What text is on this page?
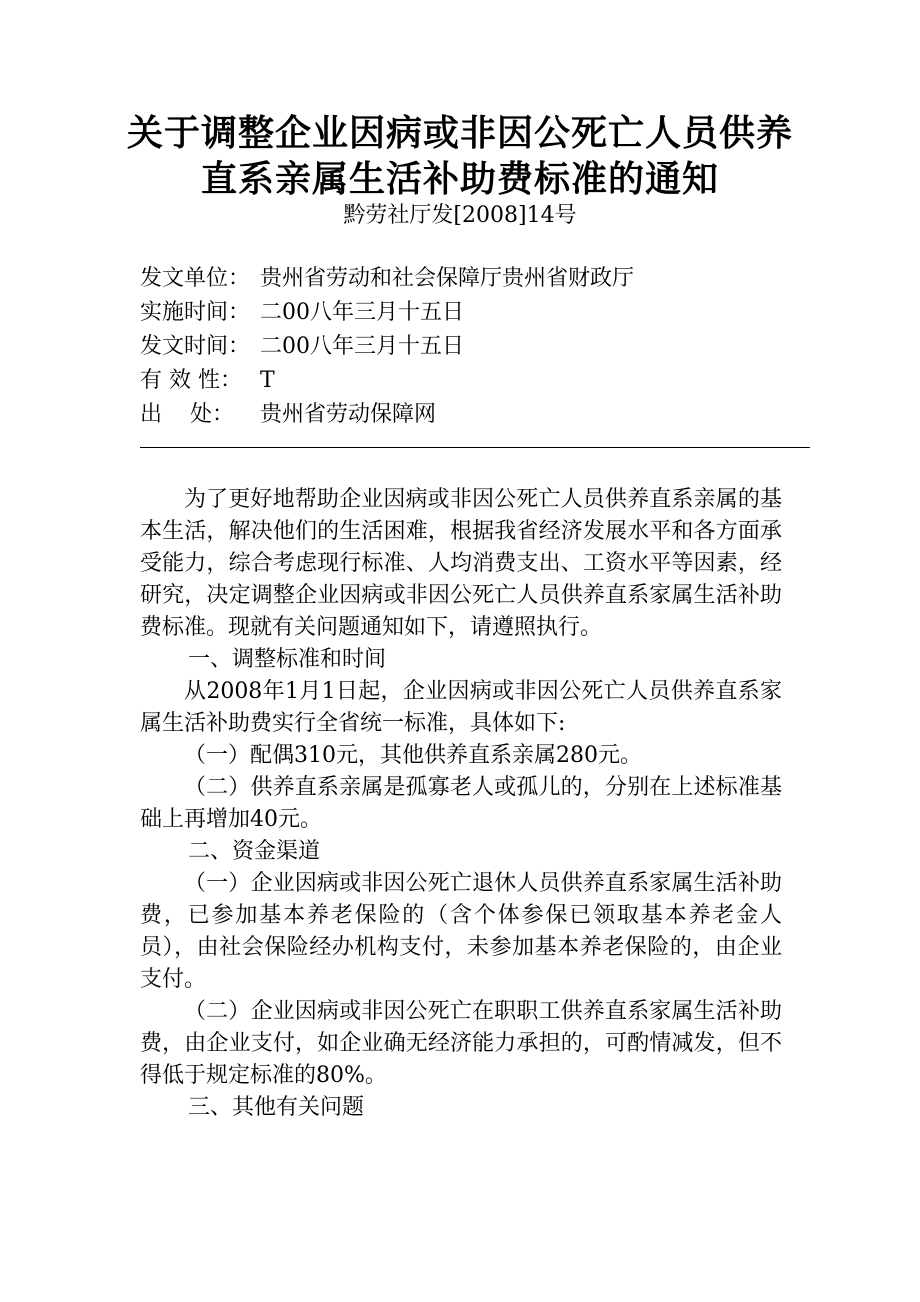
关于调整企业因病或非因公死亡人员供养
直系亲属生活补助费标准的通知
黔劳社厅发[2008]14号
发文单位： 贵州省劳动和社会保障厅贵州省财政厅
实施时间： 二00八年三月十五日
发文时间： 二00八年三月十五日
有 效 性： T
出    处： 贵州省劳动保障网

为了更好地帮助企业因病或非因公死亡人员供养直系亲属的基本生活，解决他们的生活困难，根据我省经济发展水平和各方面承受能力，综合考虑现行标准、人均消费支出、工资水平等因素，经研究，决定调整企业因病或非因公死亡人员供养直系家属生活补助费标准。现就有关问题通知如下，请遵照执行。

一、调整标准和时间

从2008年1月1日起，企业因病或非因公死亡人员供养直系家属生活补助费实行全省统一标准，具体如下:

（一）配偶310元，其他供养直系亲属280元。

（二）供养直系亲属是孤寡老人或孤儿的，分别在上述标准基础上再增加40元。

二、资金渠道

（一）企业因病或非因公死亡退休人员供养直系家属生活补助费，已参加基本养老保险的（含个体参保已领取基本养老金人员），由社会保险经办机构支付，未参加基本养老保险的，由企业支付。

（二）企业因病或非因公死亡在职职工供养直系家属生活补助费，由企业支付，如企业确无经济能力承担的，可酌情减发，但不得低于规定标准的80%。

三、其他有关问题
